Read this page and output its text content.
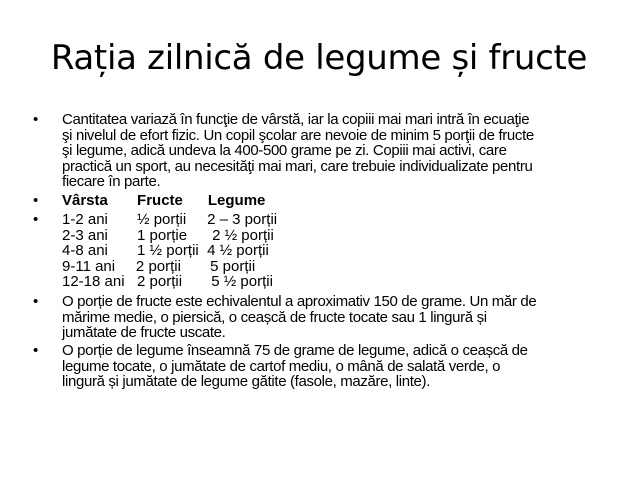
Rația zilnică de legume și fructe
• Cantitatea variază în funcţie de vârstă, iar la copiii mai mari intră în ecuaţie
şi nivelul de efort fizic. Un copil şcolar are nevoie de minim 5 porţii de fructe
şi legume, adică undeva la 400-500 grame pe zi. Copiii mai activi, care
practică un sport, au necesităţi mai mari, care trebuie individualizate pentru
fiecare în parte.
• Vârsta       Fructe      Legume
• 1-2 ani       ½ porții     2 – 3 porții
2-3 ani       1 porție      2 ½ porții
4-8 ani       1 ½ porții  4 ½ porții
9-11 ani     2 porții       5 porții
12-18 ani   2 porții       5 ½ porții
• O porție de fructe este echivalentul a aproximativ 150 de grame. Un măr de
mărime medie, o piersică, o ceașcă de fructe tocate sau 1 lingură și
jumătate de fructe uscate.
• O porție de legume înseamnă 75 de grame de legume, adică o ceașcă de
legume tocate, o jumătate de cartof mediu, o mână de salată verde, o
lingură și jumătate de legume gătite (fasole, mazăre, linte).
